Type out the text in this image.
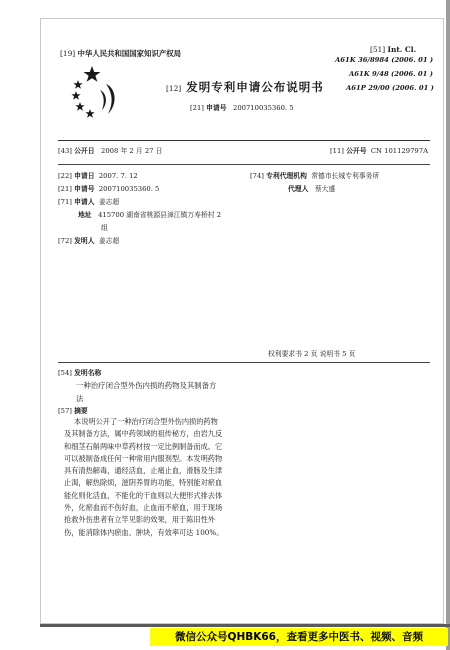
[19] 中华人民共和国国家知识产权局	[51] Int. Cl.
A61K 36/8984 (2006. 01 )
A61K 9/48 (2006. 01 )
A61P 29/00 (2006. 01 )
[12] 发明专利申请公布说明书
[21] 申请号 200710035360. 5
[43] 公开日 2008 年 2 月 27 日	[11] 公开号 CN 101129797A
[22] 申请日 2007. 7. 12
[21] 申请号 200710035360. 5
[71] 申请人 姜志超
地址 415700 湖南省桃源县漳江镇万寿桥村 2
组
[72] 发明人 姜志超
[74] 专利代理机构 常德市长城专利事务所
代理人 蔡大盛
权利要求书 2 页 说明书 5 页
[54] 发明名称
一种治疗闭合型外伤内损的药物及其制备方
法
[57] 摘要
本说明公开了一种治疗闭合型外伤内损的药物
及其制备方法，属中药领域的祖传秘方，由岩九反
和细茎石斛两味中草药材按一定比例制备而成。它
可以被制备成任何一种常用内服剂型。本发明药物
具有清热解毒，通经活血，止痛止血，滑肠及生津
止渴，解热除烦，滋阴养胃的功能，特别能对瘀血
能化则化活血，不能化的干血则以大便形式排去体
外，化瘀血而不伤好血，止血而不瘀血，用于现场
抢救外伤患者有立竿见影的效果，用于陈旧性外
伤，能消除体内瘀血、肿块，有效率可达 100%。
微信公众号QHBK66，查看更多中医书、视频、音频
